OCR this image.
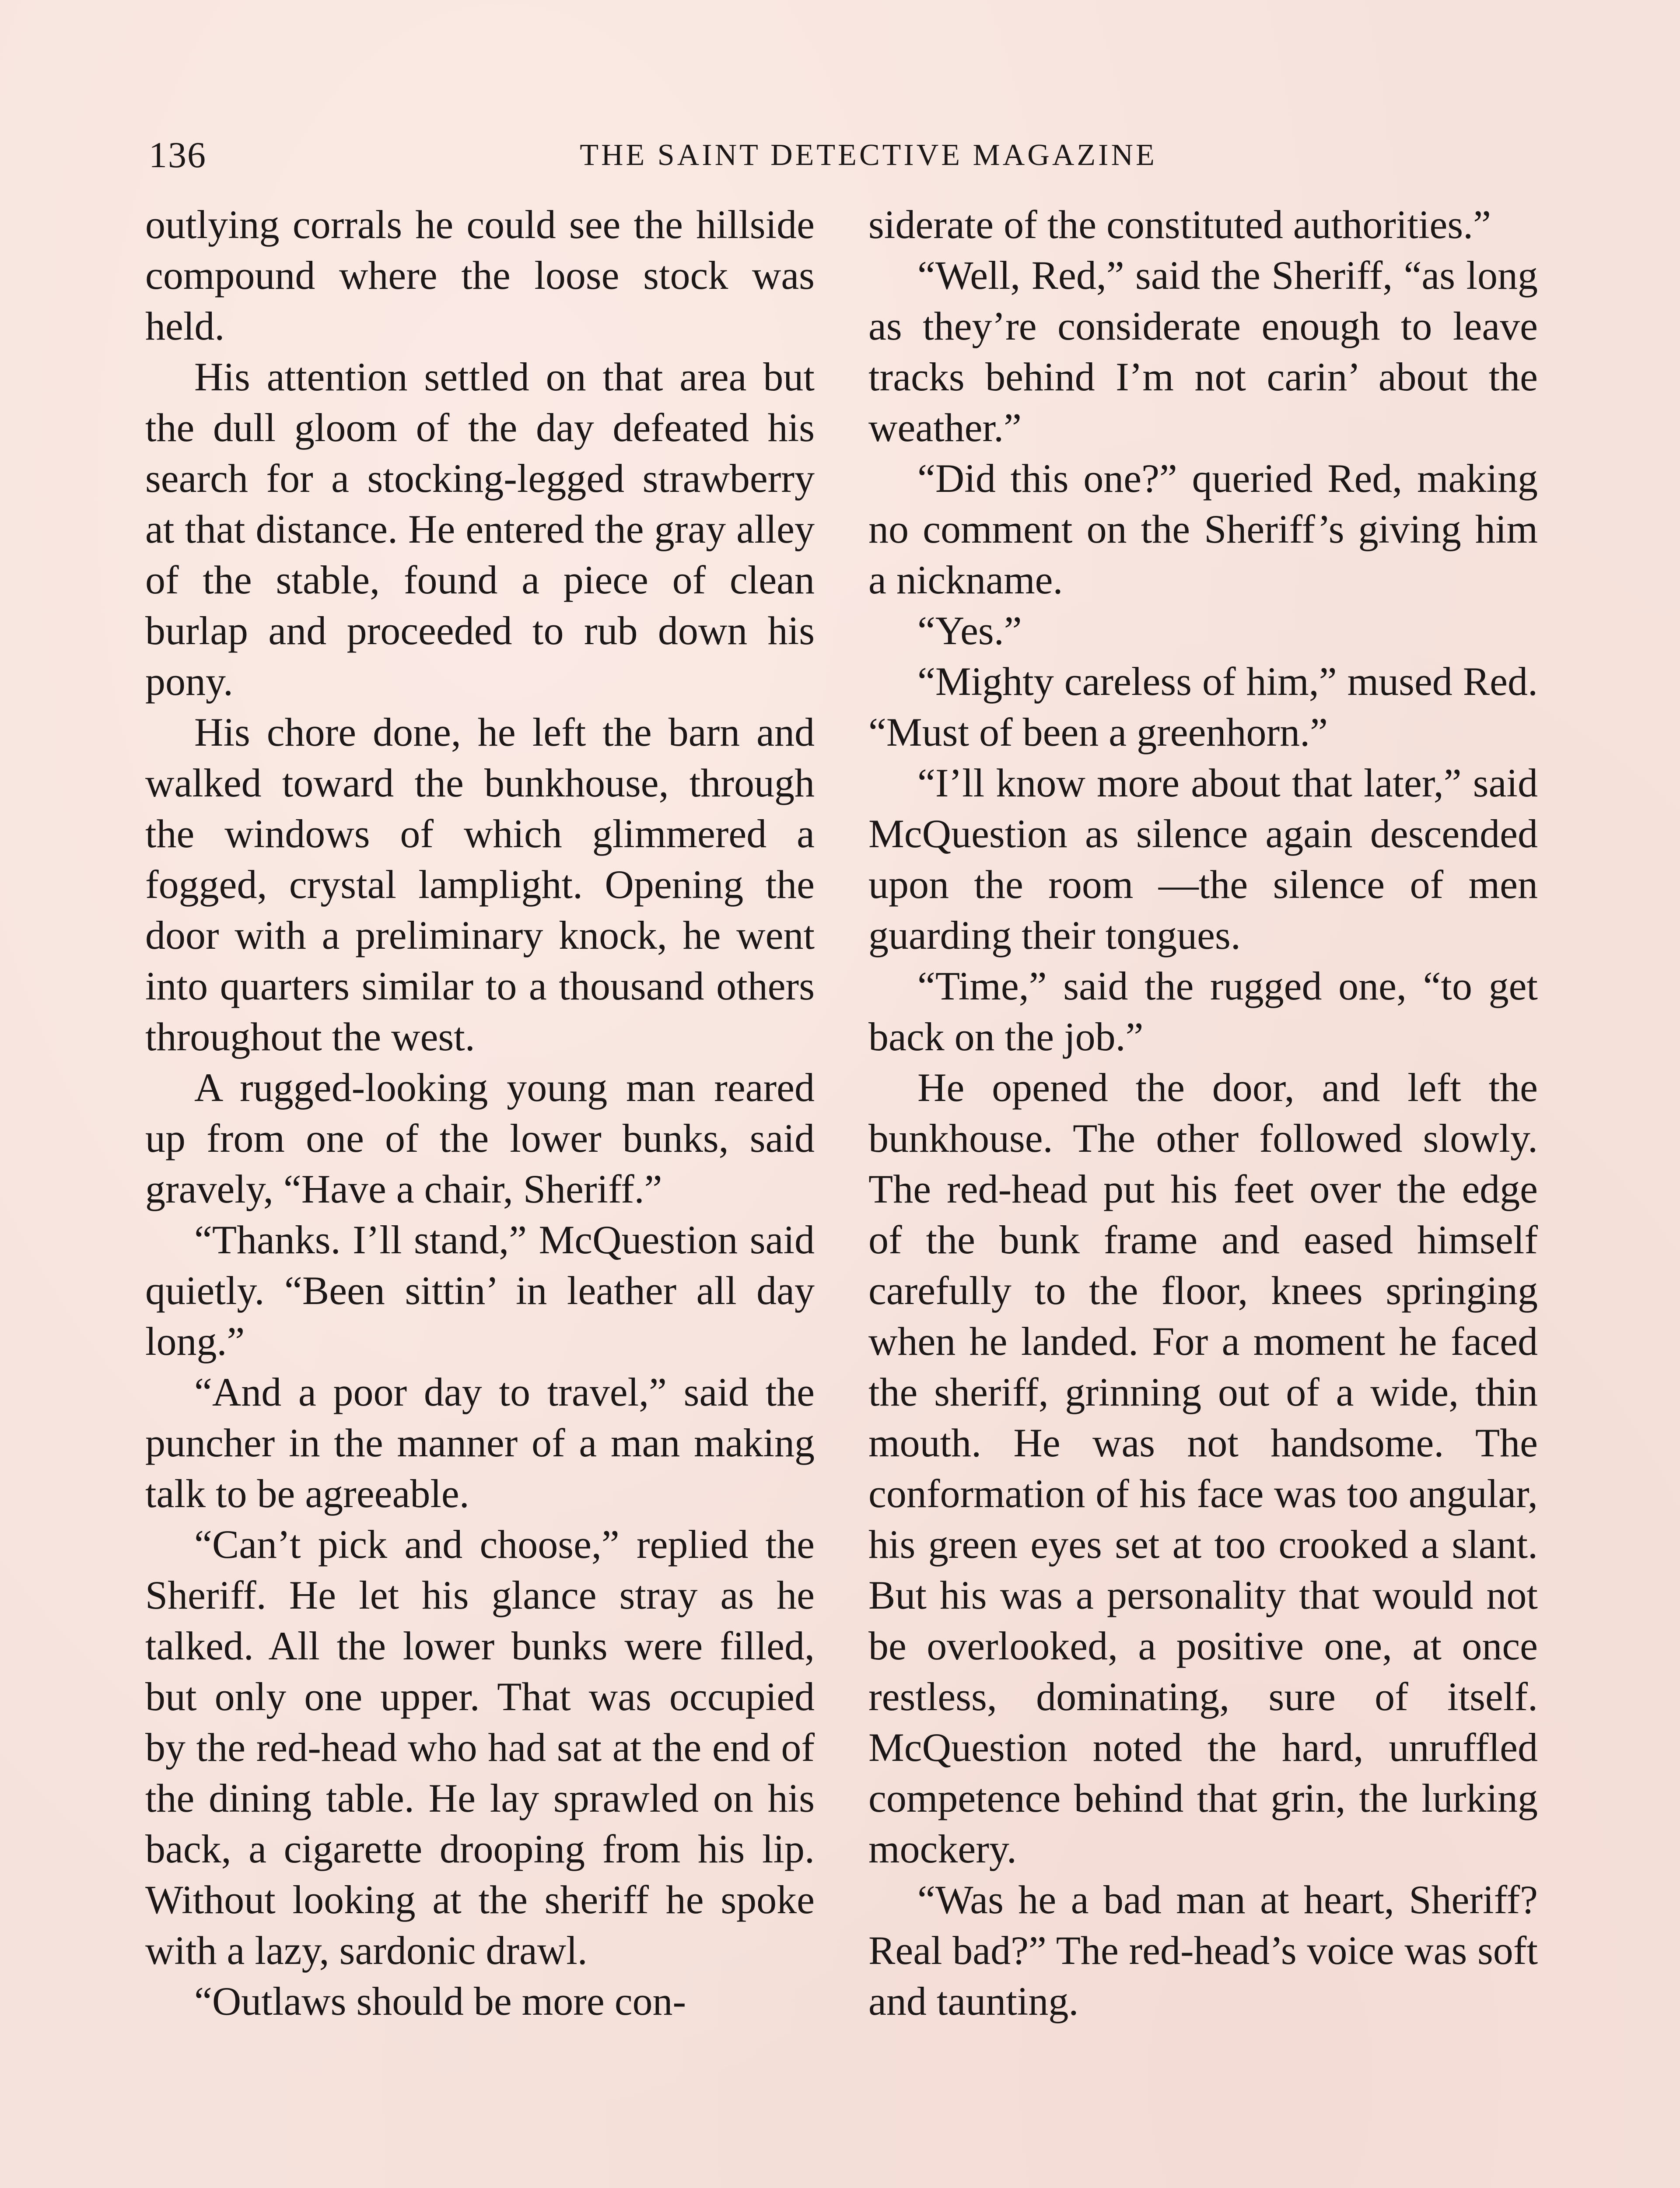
136	THE SAINT DETECTIVE MAGAZINE

outlying corrals he could see the hillside compound where the loose stock was held.

His attention settled on that area but the dull gloom of the day defeated his search for a stocking-legged strawberry at that distance. He entered the gray alley of the stable, found a piece of clean burlap and proceeded to rub down his pony.

His chore done, he left the barn and walked toward the bunkhouse, through the windows of which glimmered a fogged, crystal lamplight. Opening the door with a preliminary knock, he went into quarters similar to a thousand others throughout the west.

A rugged-looking young man reared up from one of the lower bunks, said gravely, “Have a chair, Sheriff.”

“Thanks. I’ll stand,” McQuestion said quietly. “Been sittin’ in leather all day long.”

“And a poor day to travel,” said the puncher in the manner of a man making talk to be agreeable.

“Can’t pick and choose,” replied the Sheriff. He let his glance stray as he talked. All the lower bunks were filled, but only one upper. That was occupied by the red-head who had sat at the end of the dining table. He lay sprawled on his back, a cigarette drooping from his lip. Without looking at the sheriff he spoke with a lazy, sardonic drawl.

“Outlaws should be more con-

siderate of the constituted authorities.”

“Well, Red,” said the Sheriff, “as long as they’re considerate enough to leave tracks behind I’m not carin’ about the weather.”

“Did this one?” queried Red, making no comment on the Sheriff’s giving him a nickname.

“Yes.”

“Mighty careless of him,” mused Red. “Must of been a greenhorn.”

“I’ll know more about that later,” said McQuestion as silence again descended upon the room —the silence of men guarding their tongues.

“Time,” said the rugged one, “to get back on the job.”

He opened the door, and left the bunkhouse. The other followed slowly. The red-head put his feet over the edge of the bunk frame and eased himself carefully to the floor, knees springing when he landed. For a moment he faced the sheriff, grinning out of a wide, thin mouth. He was not handsome. The conformation of his face was too angular, his green eyes set at too crooked a slant. But his was a personality that would not be overlooked, a positive one, at once restless, dominating, sure of itself. McQuestion noted the hard, unruffled competence behind that grin, the lurking mockery.

“Was he a bad man at heart, Sheriff? Real bad?” The red-head’s voice was soft and taunting.
